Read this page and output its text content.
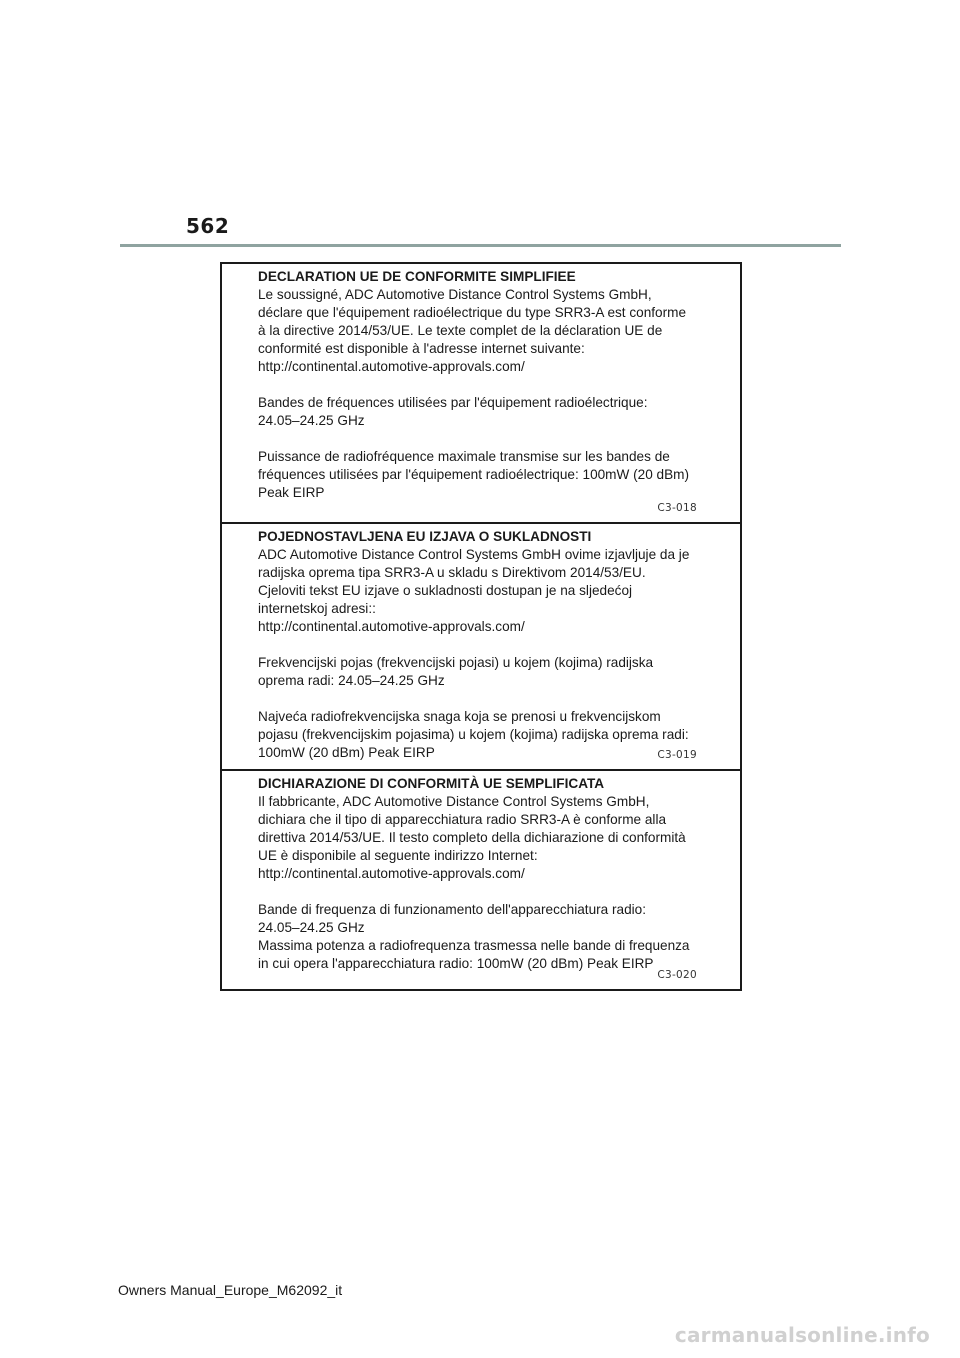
562

DECLARATION UE DE CONFORMITE SIMPLIFIEE

Le soussigné, ADC Automotive Distance Control Systems GmbH,
déclare que l'équipement radioélectrique du type SRR3-A est conforme
à la directive 2014/53/UE. Le texte complet de la déclaration UE de
conformité est disponible à l'adresse internet suivante:
http://continental.automotive-approvals.com/

Bandes de fréquences utilisées par l'équipement radioélectrique:
24.05–24.25 GHz

Puissance de radiofréquence maximale transmise sur les bandes de
fréquences utilisées par l'équipement radioélectrique: 100mW (20 dBm)
Peak EIRP

C3-018

POJEDNOSTAVLJENA EU IZJAVA O SUKLADNOSTI

ADC Automotive Distance Control Systems GmbH ovime izjavljuje da je
radijska oprema tipa SRR3-A u skladu s Direktivom 2014/53/EU.
Cjeloviti tekst EU izjave o sukladnosti dostupan je na sljedećoj
internetskoj adresi::
http://continental.automotive-approvals.com/

Frekvencijski pojas (frekvencijski pojasi) u kojem (kojima) radijska
oprema radi: 24.05–24.25 GHz

Najveća radiofrekvencijska snaga koja se prenosi u frekvencijskom
pojasu (frekvencijskim pojasima) u kojem (kojima) radijska oprema radi:
100mW (20 dBm) Peak EIRP	C3-019

DICHIARAZIONE DI CONFORMITÀ UE SEMPLIFICATA

Il fabbricante, ADC Automotive Distance Control Systems GmbH,
dichiara che il tipo di apparecchiatura radio SRR3-A è conforme alla
direttiva 2014/53/UE. Il testo completo della dichiarazione di conformità
UE è disponibile al seguente indirizzo Internet:
http://continental.automotive-approvals.com/

Bande di frequenza di funzionamento dell'apparecchiatura radio:
24.05–24.25 GHz

Massima potenza a radiofrequenza trasmessa nelle bande di frequenza
in cui opera l'apparecchiatura radio: 100mW (20 dBm) Peak EIRP

C3-020
Owners Manual_Europe_M62092_it
carmanualsonline.info
